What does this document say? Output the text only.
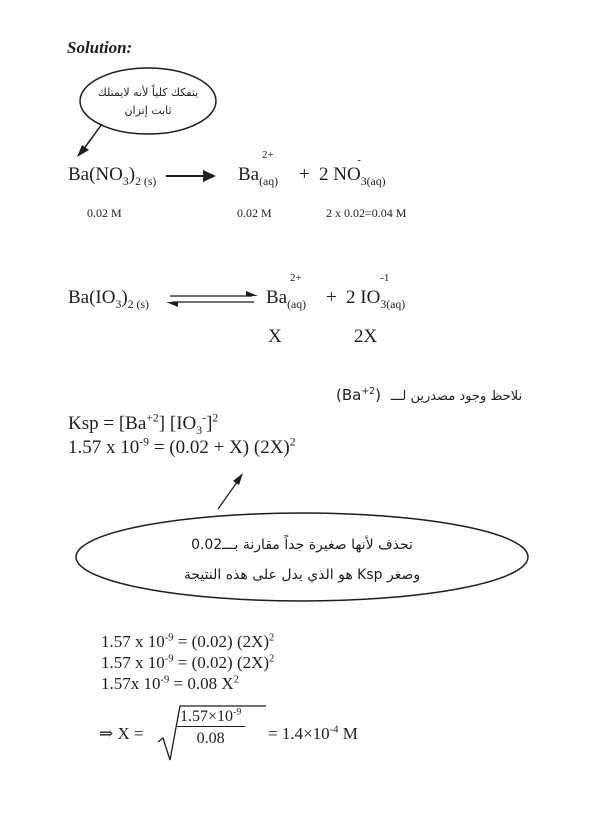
Solution:
يتفكك كلياً لأنه لايمتلك
ثابت إتزان
$Ba(NO_3)_{2 (s)}$	Ba
2+
$_{(aq)}$ + 2 NO
-
$_{3(aq)}$
0.02 M	0.02 M	2 x 0.02=0.04 M
$Ba(IO_3)_{2 (s)}$	Ba
2+
$_{(aq)}$ + 2 IO
-1
$_{3(aq)}$
X	2X
$(Ba^{+2})$ نلاحظ وجود مصدرين لـــ
Ksp = $[Ba^{+2}]$ $[IO_3^-]^2$
1.57 x $10^{-9} = (0.02 + X)$ $(2X)^2$
تحذف لأنها صغيرة جداً مقارنة بـــ0.02
وصغر Ksp هو الذي يدل على هذه النتيجة
1.57 x $10^{-9} = (0.02)$ $(2X)^2$
1.57 x $10^{-9} = (0.02)$ $(2X)^2$
1.57x $10^{-9} = 0.08$ $X^2$
⇒ $X = \frac{1.57\times 10^{-9}}{0.08} = 1.4\times 10^{-4}$ M
